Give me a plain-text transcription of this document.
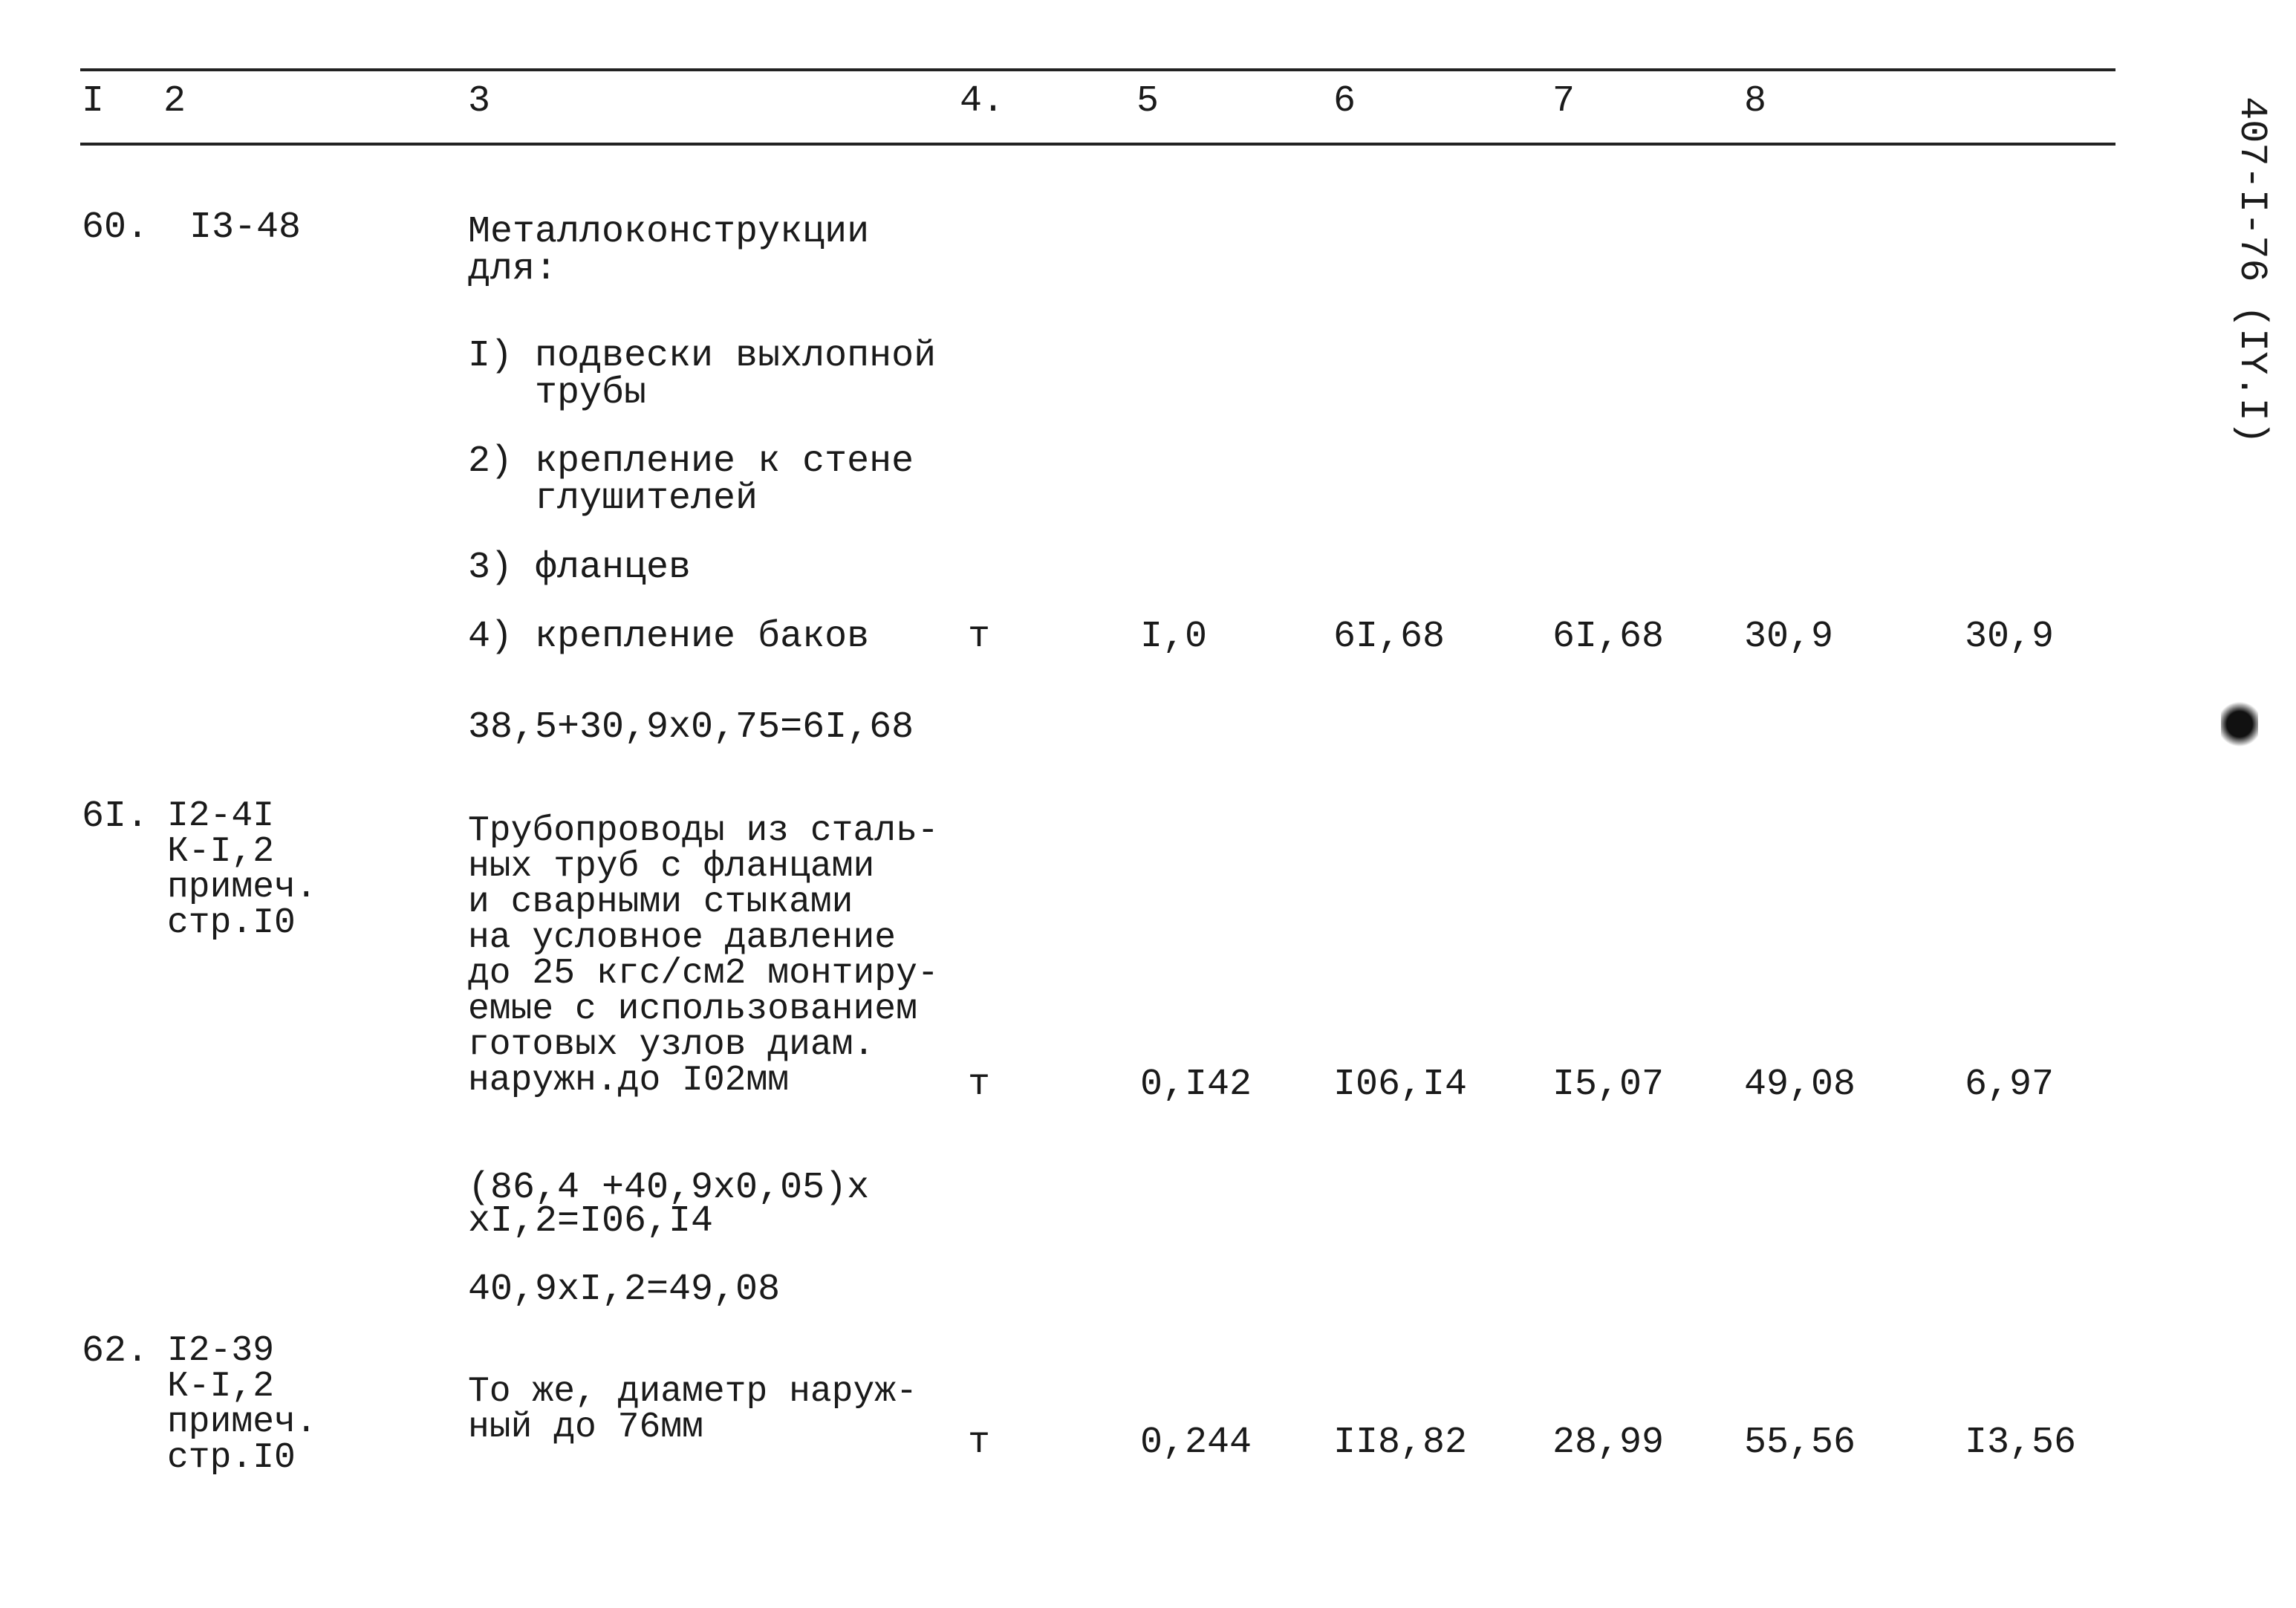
I 2	3	4.	5	6	7	8	407-I-76 (IY.I)
60. I3-48	Металлоконструкции
для:
I) подвески выхлопной
трубы
2) крепление к стене
глушителей
3) фланцев
4) крепление баков	т	I,0	6I,68	6I,68 30,9	30,9
38,5+30,9x0,75=6I,68
6I. I2-4I
К-I,2
примеч.
стр.I0
Трубопроводы из сталь-
ных труб с фланцами
и сварными стыками
на условное давление
до 25 кгс/см2 монтиру-
емые с использованием
готовых узлов диам.
наружн.до I02мм	т	0,I42 I06,I4 I5,07 49,08	6,97
(86,4 +40,9x0,05)x
xI,2=I06,I4
40,9xI,2=49,08
62. I2-39
К-I,2
примеч.
стр.I0
То же, диаметр наруж-
ный до 76мм	т	0,244 II8,82 28,99 55,56	I3,56
